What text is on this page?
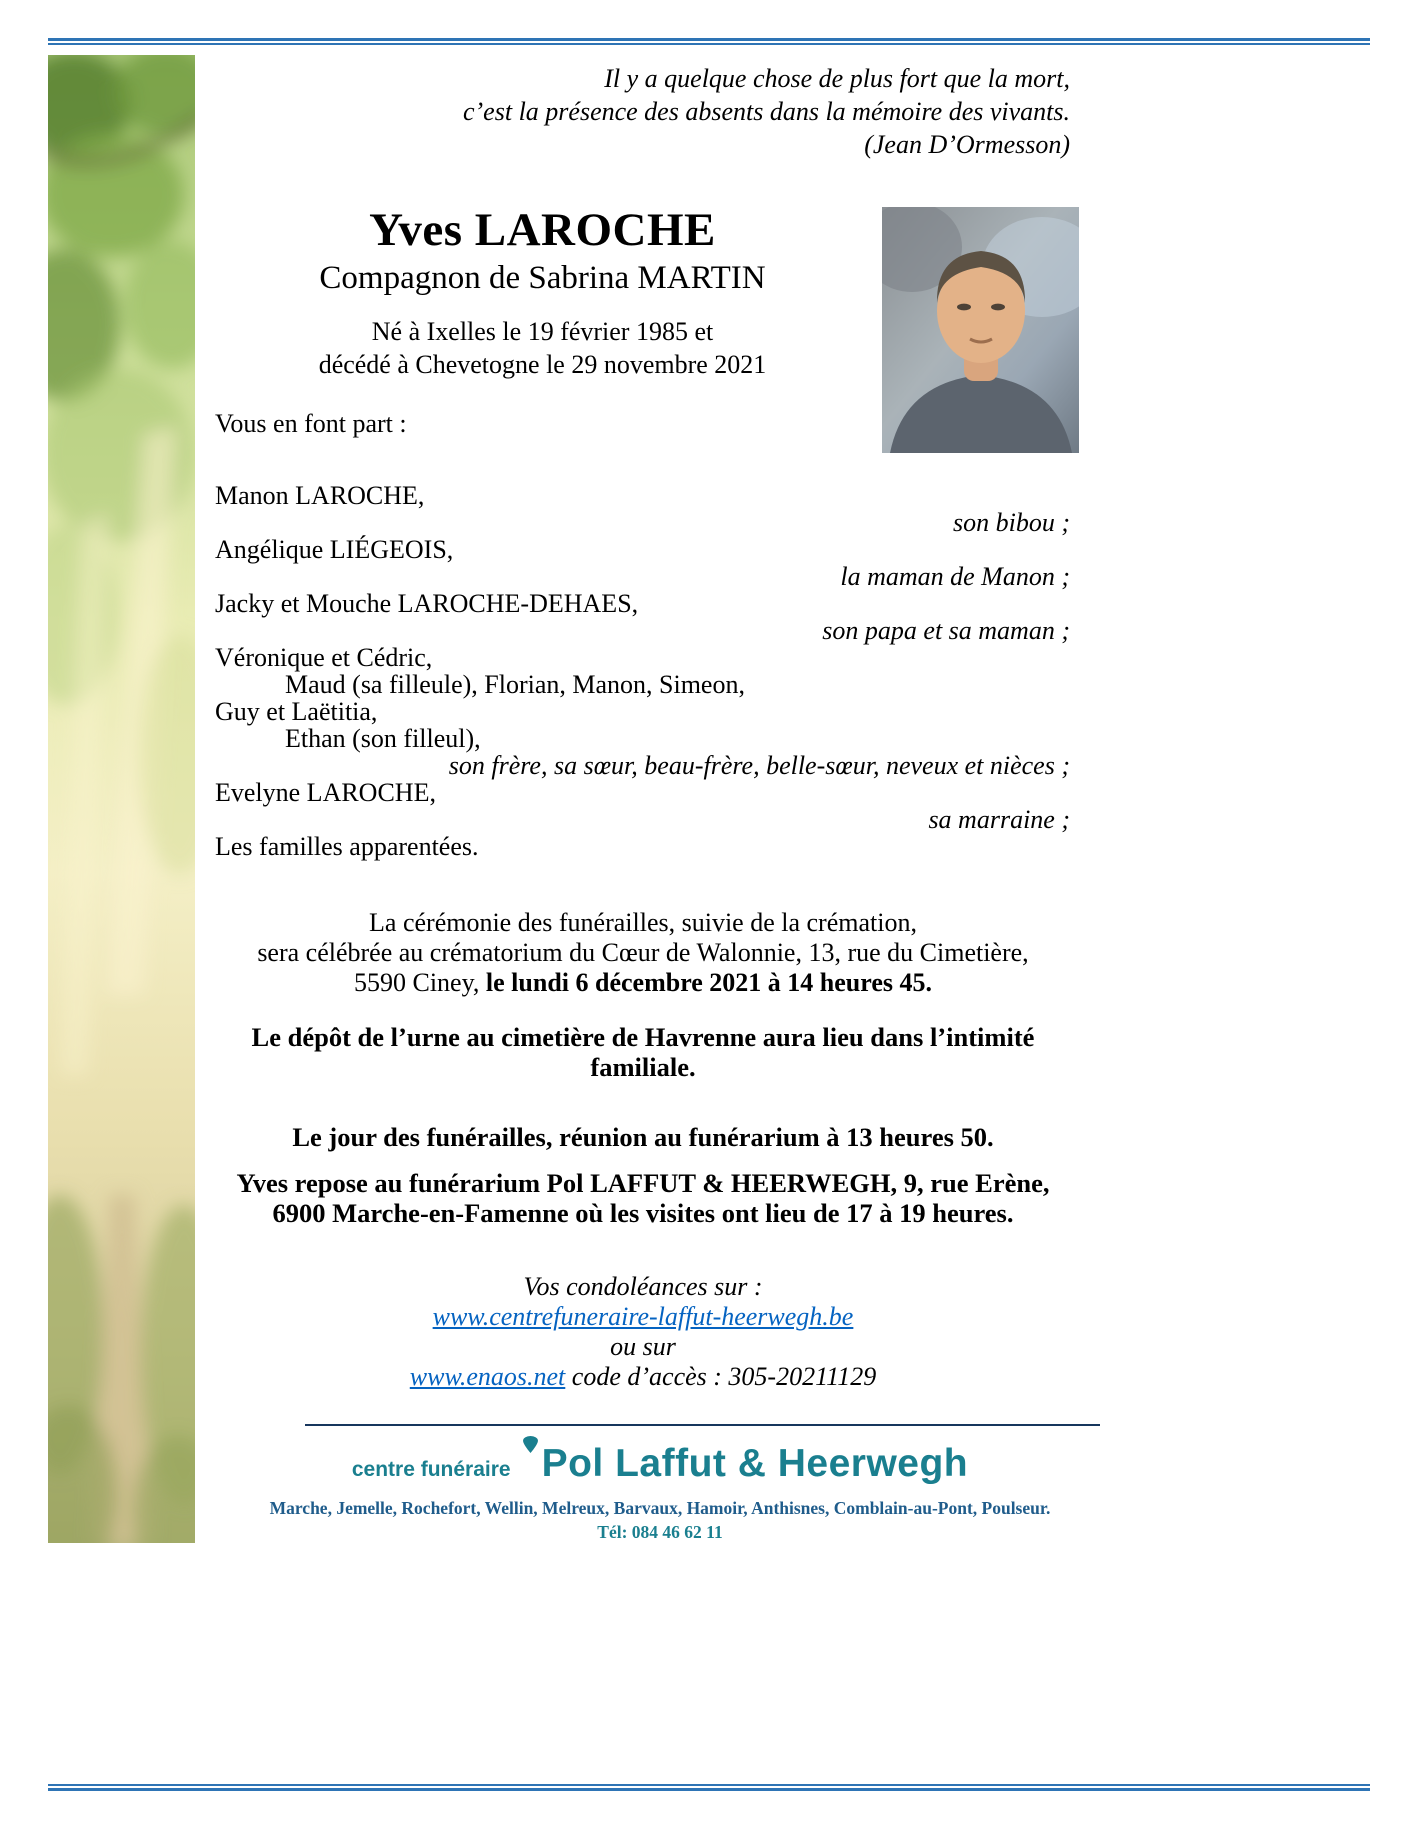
Il y a quelque chose de plus fort que la mort,
c’est la présence des absents dans la mémoire des vivants.
(Jean D’Ormesson)
Yves LAROCHE
Compagnon de Sabrina MARTIN
Né à Ixelles le 19 février 1985 et
décédé à Chevetogne le 29 novembre 2021
Vous en font part :
Manon LAROCHE,
son bibou ;
Angélique LIÉGEOIS,
la maman de Manon ;
Jacky et Mouche LAROCHE-DEHAES,
son papa et sa maman ;
Véronique et Cédric,
Maud (sa filleule), Florian, Manon, Simeon,
Guy et Laëtitia,
Ethan (son filleul),
son frère, sa sœur, beau-frère, belle-sœur, neveux et nièces ;
Evelyne LAROCHE,
sa marraine ;
Les familles apparentées.
La cérémonie des funérailles, suivie de la crémation,
sera célébrée au crématorium du Cœur de Walonnie, 13, rue du Cimetière,
5590 Ciney, le lundi 6 décembre 2021 à 14 heures 45.
Le dépôt de l’urne au cimetière de Havrenne aura lieu dans l’intimité familiale.
Le jour des funérailles, réunion au funérarium à 13 heures 50.
Yves repose au funérarium Pol LAFFUT & HEERWEGH, 9, rue Erène,
6900 Marche-en-Famenne où les visites ont lieu de 17 à 19 heures.
Vos condoléances sur :
www.centrefuneraire-laffut-heerwegh.be
ou sur
www.enaos.net code d’accès : 305-20211129
centre funéraire Pol Laffut & Heerwegh
Marche, Jemelle, Rochefort, Wellin, Melreux, Barvaux, Hamoir, Anthisnes, Comblain-au-Pont, Poulseur.
Tél: 084 46 62 11
